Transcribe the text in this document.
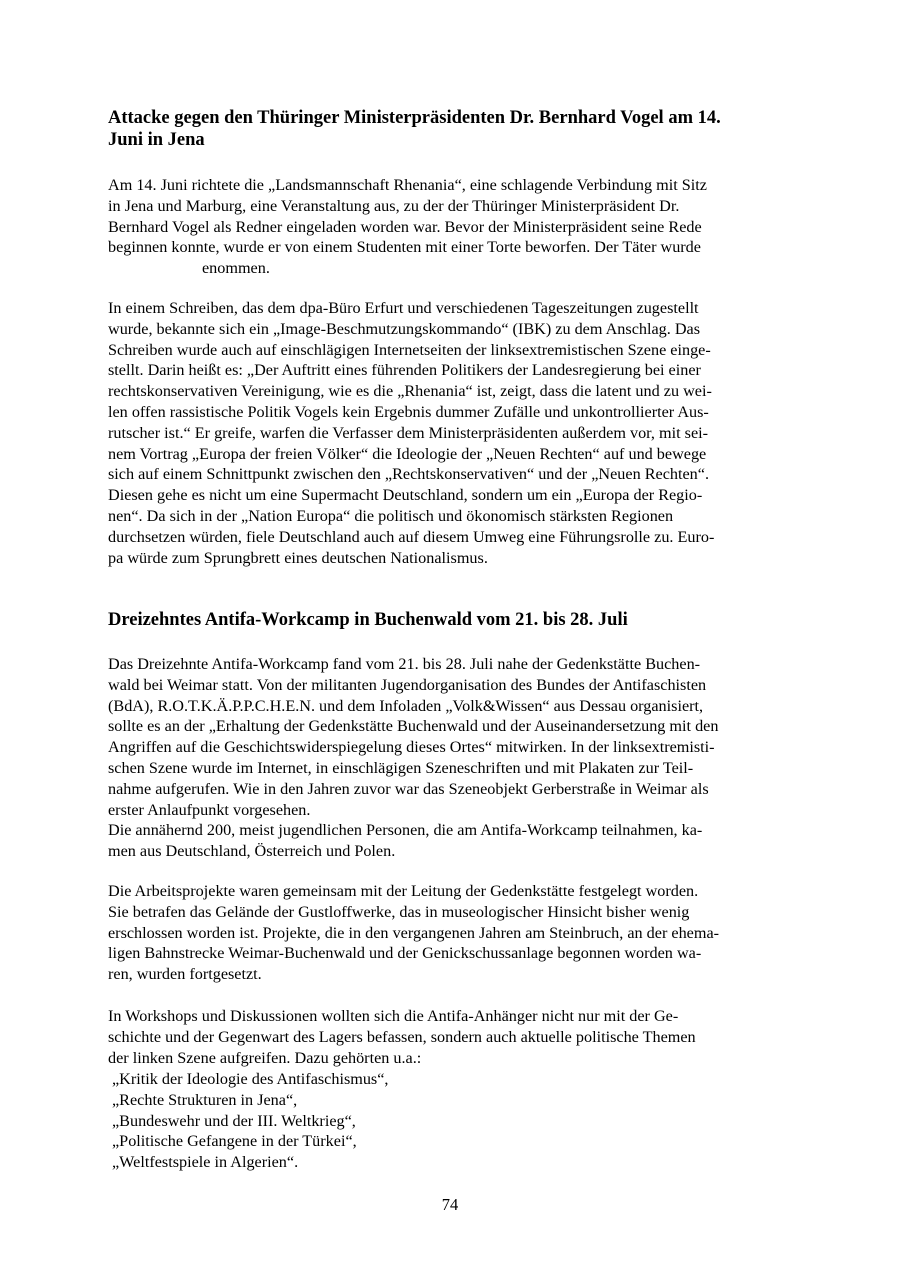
Attacke gegen den Thüringer Ministerpräsidenten Dr. Bernhard Vogel am 14.
Juni in Jena
Am 14. Juni richtete die „Landsmannschaft Rhenania“, eine schlagende Verbindung mit Sitz
in Jena und Marburg, eine Veranstaltung aus, zu der der Thüringer Ministerpräsident Dr.
Bernhard Vogel als Redner eingeladen worden war. Bevor der Ministerpräsident seine Rede
beginnen konnte, wurde er von einem Studenten mit einer Torte beworfen. Der Täter wurde
enommen.
In einem Schreiben, das dem dpa-Büro Erfurt und verschiedenen Tageszeitungen zugestellt
wurde, bekannte sich ein „Image-Beschmutzungskommando“ (IBK) zu dem Anschlag. Das
Schreiben wurde auch auf einschlägigen Internetseiten der linksextremistischen Szene einge-
stellt. Darin heißt es: „Der Auftritt eines führenden Politikers der Landesregierung bei einer
rechtskonservativen Vereinigung, wie es die „Rhenania“ ist, zeigt, dass die latent und zu wei-
len offen rassistische Politik Vogels kein Ergebnis dummer Zufälle und unkontrollierter Aus-
rutscher ist.“ Er greife, warfen die Verfasser dem Ministerpräsidenten außerdem vor, mit sei-
nem Vortrag „Europa der freien Völker“ die Ideologie der „Neuen Rechten“ auf und bewege
sich auf einem Schnittpunkt zwischen den „Rechtskonservativen“ und der „Neuen Rechten“.
Diesen gehe es nicht um eine Supermacht Deutschland, sondern um ein „Europa der Regio-
nen“. Da sich in der „Nation Europa“ die politisch und ökonomisch stärksten Regionen
durchsetzen würden, fiele Deutschland auch auf diesem Umweg eine Führungsrolle zu. Euro-
pa würde zum Sprungbrett eines deutschen Nationalismus.
Dreizehntes Antifa-Workcamp in Buchenwald vom 21. bis 28. Juli
Das Dreizehnte Antifa-Workcamp fand vom 21. bis 28. Juli nahe der Gedenkstätte Buchen-
wald bei Weimar statt. Von der militanten Jugendorganisation des Bundes der Antifaschisten
(BdA), R.O.T.K.Ä.P.P.C.H.E.N. und dem Infoladen „Volk&Wissen“ aus Dessau organisiert,
sollte es an der „Erhaltung der Gedenkstätte Buchenwald und der Auseinandersetzung mit den
Angriffen auf die Geschichtswiderspiegelung dieses Ortes“ mitwirken. In der linksextremisti-
schen Szene wurde im Internet, in einschlägigen Szeneschriften und mit Plakaten zur Teil-
nahme aufgerufen. Wie in den Jahren zuvor war das Szeneobjekt Gerberstraße in Weimar als
erster Anlaufpunkt vorgesehen.
Die annähernd 200, meist jugendlichen Personen, die am Antifa-Workcamp teilnahmen, ka-
men aus Deutschland, Österreich und Polen.
Die Arbeitsprojekte waren gemeinsam mit der Leitung der Gedenkstätte festgelegt worden.
Sie betrafen das Gelände der Gustloffwerke, das in museologischer Hinsicht bisher wenig
erschlossen worden ist. Projekte, die in den vergangenen Jahren am Steinbruch, an der ehema-
ligen Bahnstrecke Weimar-Buchenwald und der Genickschussanlage begonnen worden wa-
ren, wurden fortgesetzt.
In Workshops und Diskussionen wollten sich die Antifa-Anhänger nicht nur mit der Ge-
schichte und der Gegenwart des Lagers befassen, sondern auch aktuelle politische Themen
der linken Szene aufgreifen. Dazu gehörten u.a.:
„Kritik der Ideologie des Antifaschismus“,
„Rechte Strukturen in Jena“,
„Bundeswehr und der III. Weltkrieg“,
„Politische Gefangene in der Türkei“,
„Weltfestspiele in Algerien“.
74
